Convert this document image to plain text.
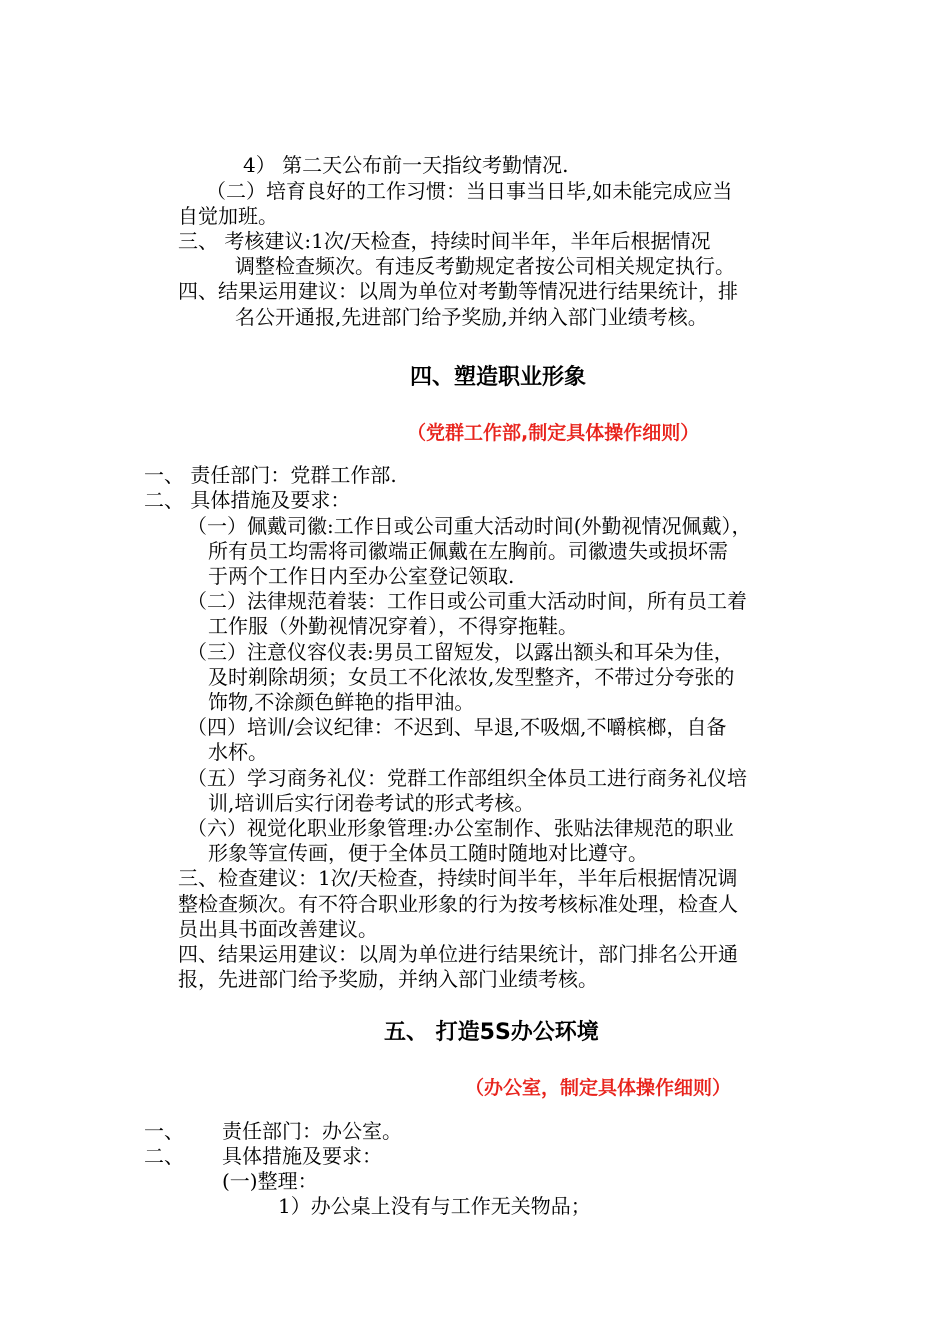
4） 第二天公布前一天指纹考勤情况.
（二）培育良好的工作习惯：当日事当日毕,如未能完成应当
自觉加班。
三、 考核建议:1次/天检查，持续时间半年，半年后根据情况
调整检查频次。有违反考勤规定者按公司相关规定执行。
四、结果运用建议：以周为单位对考勤等情况进行结果统计，排
名公开通报,先进部门给予奖励,并纳入部门业绩考核。
四、塑造职业形象
（党群工作部,制定具体操作细则）
一、 责任部门：党群工作部.
二、 具体措施及要求：
（一）佩戴司徽:工作日或公司重大活动时间(外勤视情况佩戴），
所有员工均需将司徽端正佩戴在左胸前。司徽遗失或损坏需
于两个工作日内至办公室登记领取.
（二）法律规范着装：工作日或公司重大活动时间，所有员工着
工作服（外勤视情况穿着），不得穿拖鞋。
（三）注意仪容仪表:男员工留短发，以露出额头和耳朵为佳，
及时剃除胡须；女员工不化浓妆,发型整齐，不带过分夸张的
饰物,不涂颜色鲜艳的指甲油。
（四）培训/会议纪律：不迟到、早退,不吸烟,不嚼槟榔，自备
水杯。
（五）学习商务礼仪：党群工作部组织全体员工进行商务礼仪培
训,培训后实行闭卷考试的形式考核。
（六）视觉化职业形象管理:办公室制作、张贴法律规范的职业
形象等宣传画，便于全体员工随时随地对比遵守。
三、检查建议：1次/天检查，持续时间半年，半年后根据情况调
整检查频次。有不符合职业形象的行为按考核标准处理，检查人
员出具书面改善建议。
四、结果运用建议：以周为单位进行结果统计，部门排名公开通
报，先进部门给予奖励，并纳入部门业绩考核。
五、 打造5S办公环境
（办公室，制定具体操作细则）
一、 责任部门：办公室。
二、 具体措施及要求：
(一)整理：
1）办公桌上没有与工作无关物品；
